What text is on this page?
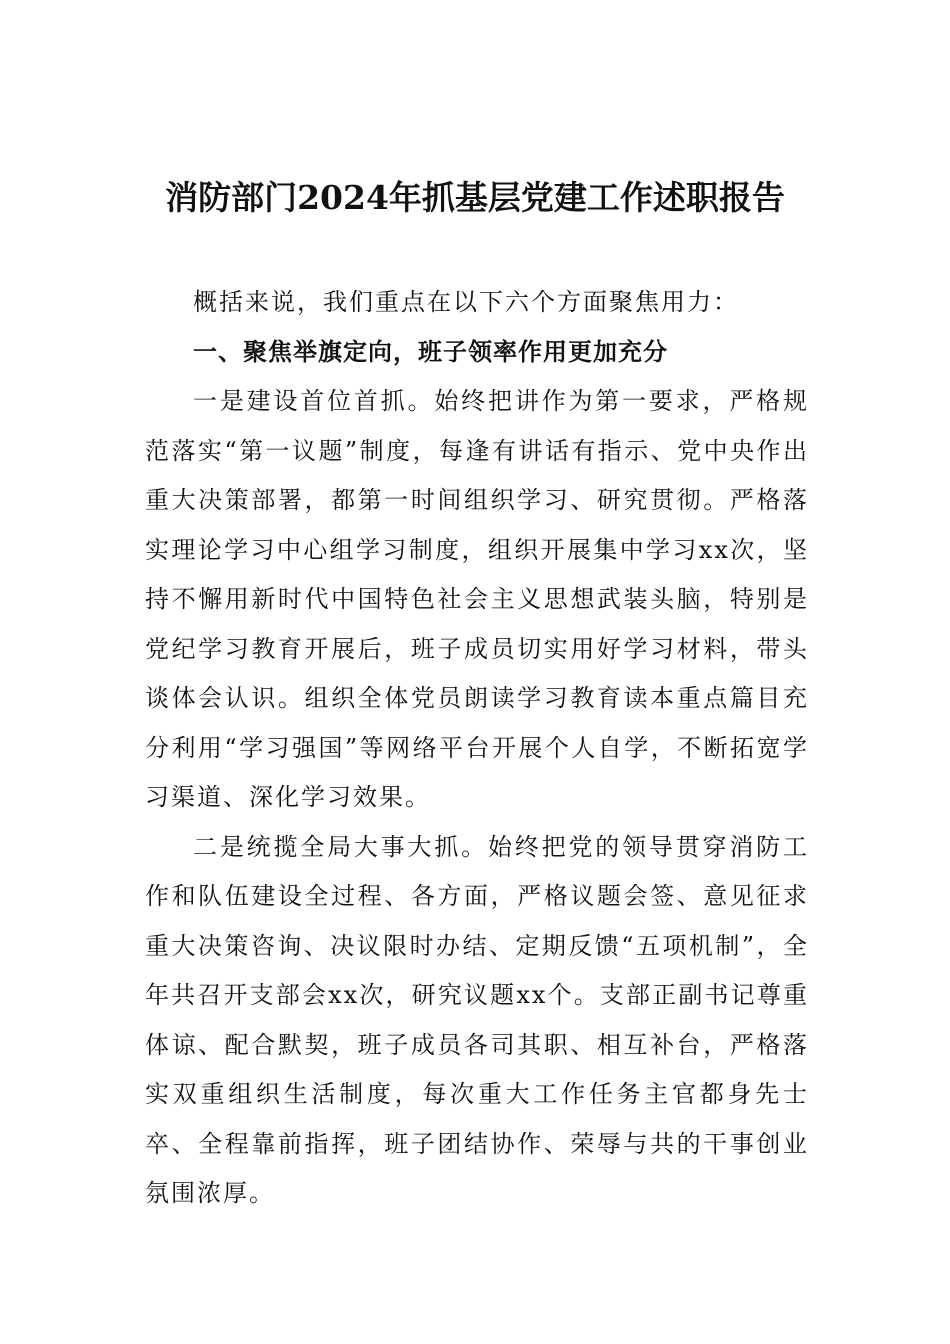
消防部门2024年抓基层党建工作述职报告

概括来说，我们重点在以下六个方面聚焦用力：

一、聚焦举旗定向，班子领率作用更加充分

一是建设首位首抓。始终把讲作为第一要求，严格规范落实“第一议题”制度，每逢有讲话有指示、党中央作出重大决策部署，都第一时间组织学习、研究贯彻。严格落实理论学习中心组学习制度，组织开展集中学习xx次，坚持不懈用新时代中国特色社会主义思想武装头脑，特别是党纪学习教育开展后，班子成员切实用好学习材料，带头谈体会认识。组织全体党员朗读学习教育读本重点篇目充分利用“学习强国”等网络平台开展个人自学，不断拓宽学习渠道、深化学习效果。

二是统揽全局大事大抓。始终把党的领导贯穿消防工作和队伍建设全过程、各方面，严格议题会签、意见征求重大决策咨询、决议限时办结、定期反馈“五项机制”，全年共召开支部会xx次，研究议题xx个。支部正副书记尊重体谅、配合默契，班子成员各司其职、相互补台，严格落实双重组织生活制度，每次重大工作任务主官都身先士卒、全程靠前指挥，班子团结协作、荣辱与共的干事创业氛围浓厚。
